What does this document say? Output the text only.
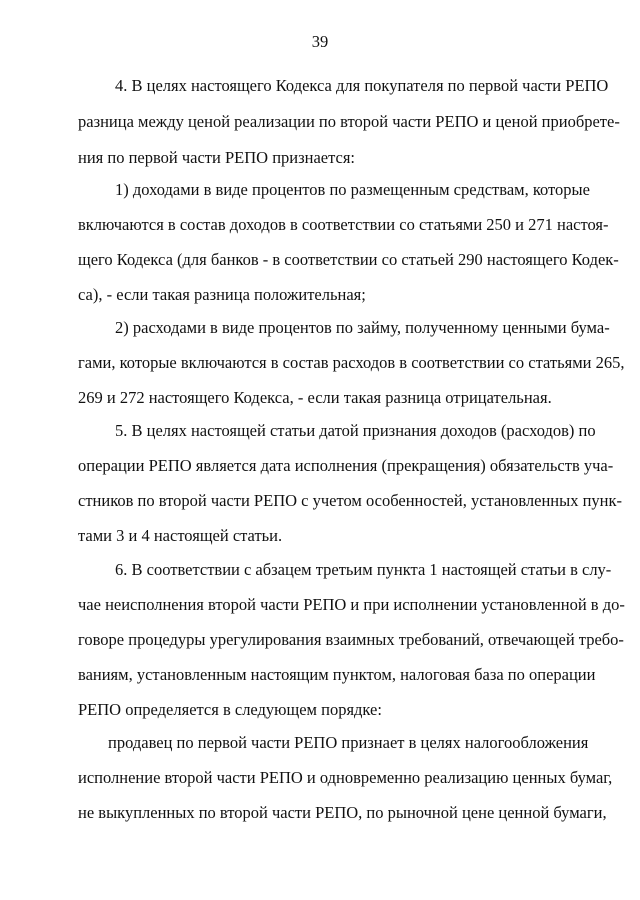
39
4. В целях настоящего Кодекса для покупателя по первой части РЕПО
разница между ценой реализации по второй части РЕПО и ценой приобрете-
ния по первой части РЕПО признается:
1) доходами в виде процентов по размещенным средствам, которые
включаются в состав доходов в соответствии со статьями 250 и 271 настоя-
щего Кодекса (для банков - в соответствии со статьей 290 настоящего Кодек-
са), - если такая разница положительная;
2) расходами в виде процентов по займу, полученному ценными бума-
гами, которые включаются в состав расходов в соответствии со статьями 265,
269 и 272 настоящего Кодекса, - если такая разница отрицательная.
5. В целях настоящей статьи датой признания доходов (расходов) по
операции РЕПО является дата исполнения (прекращения) обязательств уча-
стников по второй части РЕПО с учетом особенностей, установленных пунк-
тами 3 и 4 настоящей статьи.
6. В соответствии с абзацем третьим пункта 1 настоящей статьи в слу-
чае неисполнения второй части РЕПО и при исполнении установленной в до-
говоре процедуры урегулирования взаимных требований, отвечающей требо-
ваниям, установленным настоящим пунктом, налоговая база по операции
РЕПО определяется в следующем порядке:
продавец по первой части РЕПО признает в целях налогообложения
исполнение второй части РЕПО и одновременно реализацию ценных бумаг,
не выкупленных по второй части РЕПО, по рыночной цене ценной бумаги,
